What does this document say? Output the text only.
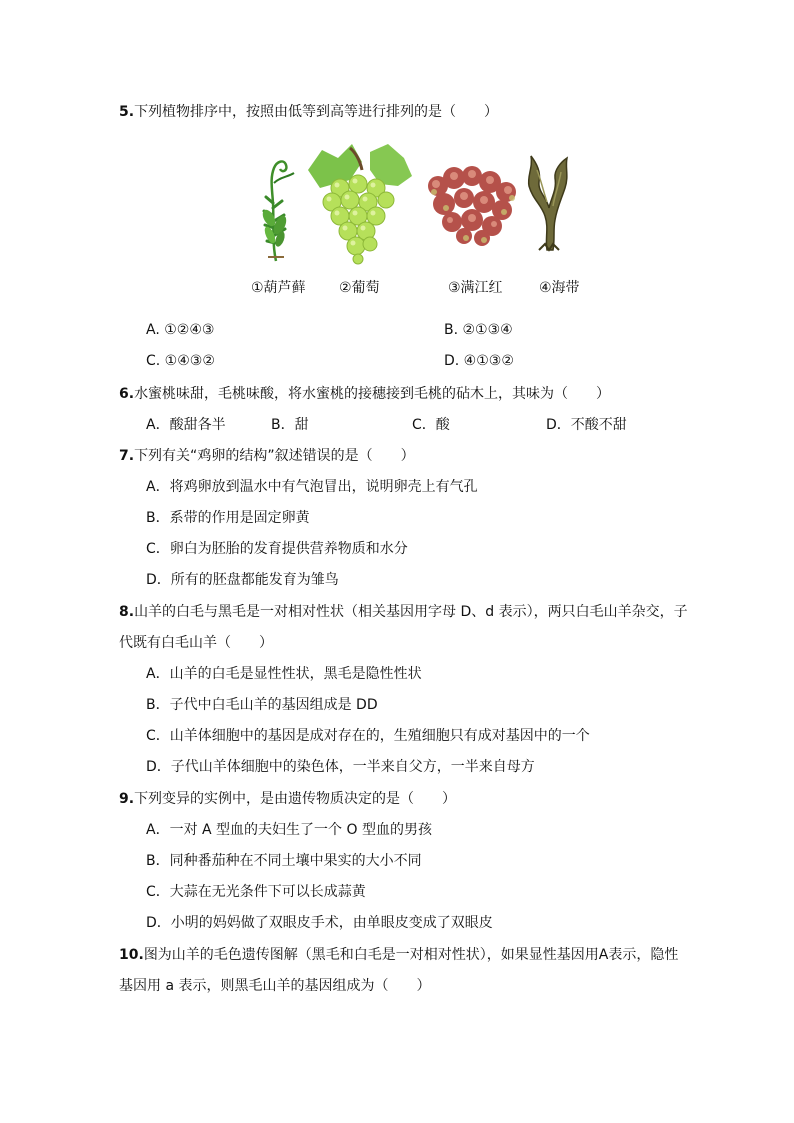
5.下列植物排序中，按照由低等到高等进行排列的是（　　）
①葫芦藓 ②葡萄	③满江红	④海带
A. ①②④③	B. ②①③④
C. ①④③②	D. ④①③②
6.水蜜桃味甜，毛桃味酸，将水蜜桃的接穗接到毛桃的砧木上，其味为（　　）
A．酸甜各半	B．甜	C．酸	D．不酸不甜
7.下列有关“鸡卵的结构”叙述错误的是（　　）
A．将鸡卵放到温水中有气泡冒出，说明卵壳上有气孔
B．系带的作用是固定卵黄
C．卵白为胚胎的发育提供营养物质和水分
D．所有的胚盘都能发育为雏鸟
8.山羊的白毛与黑毛是一对相对性状（相关基因用字母 D、d 表示），两只白毛山羊杂交，子
代既有白毛山羊（　　）
A．山羊的白毛是显性性状，黑毛是隐性性状
B．子代中白毛山羊的基因组成是 DD
C．山羊体细胞中的基因是成对存在的，生殖细胞只有成对基因中的一个
D．子代山羊体细胞中的染色体，一半来自父方，一半来自母方
9.下列变异的实例中，是由遗传物质决定的是（　　）
A．一对 A 型血的夫妇生了一个 O 型血的男孩
B．同种番茄种在不同土壤中果实的大小不同
C．大蒜在无光条件下可以长成蒜黄
D．小明的妈妈做了双眼皮手术，由单眼皮变成了双眼皮
10.图为山羊的毛色遗传图解（黑毛和白毛是一对相对性状），如果显性基因用A表示，隐性
基因用 a 表示，则黑毛山羊的基因组成为（　　）
